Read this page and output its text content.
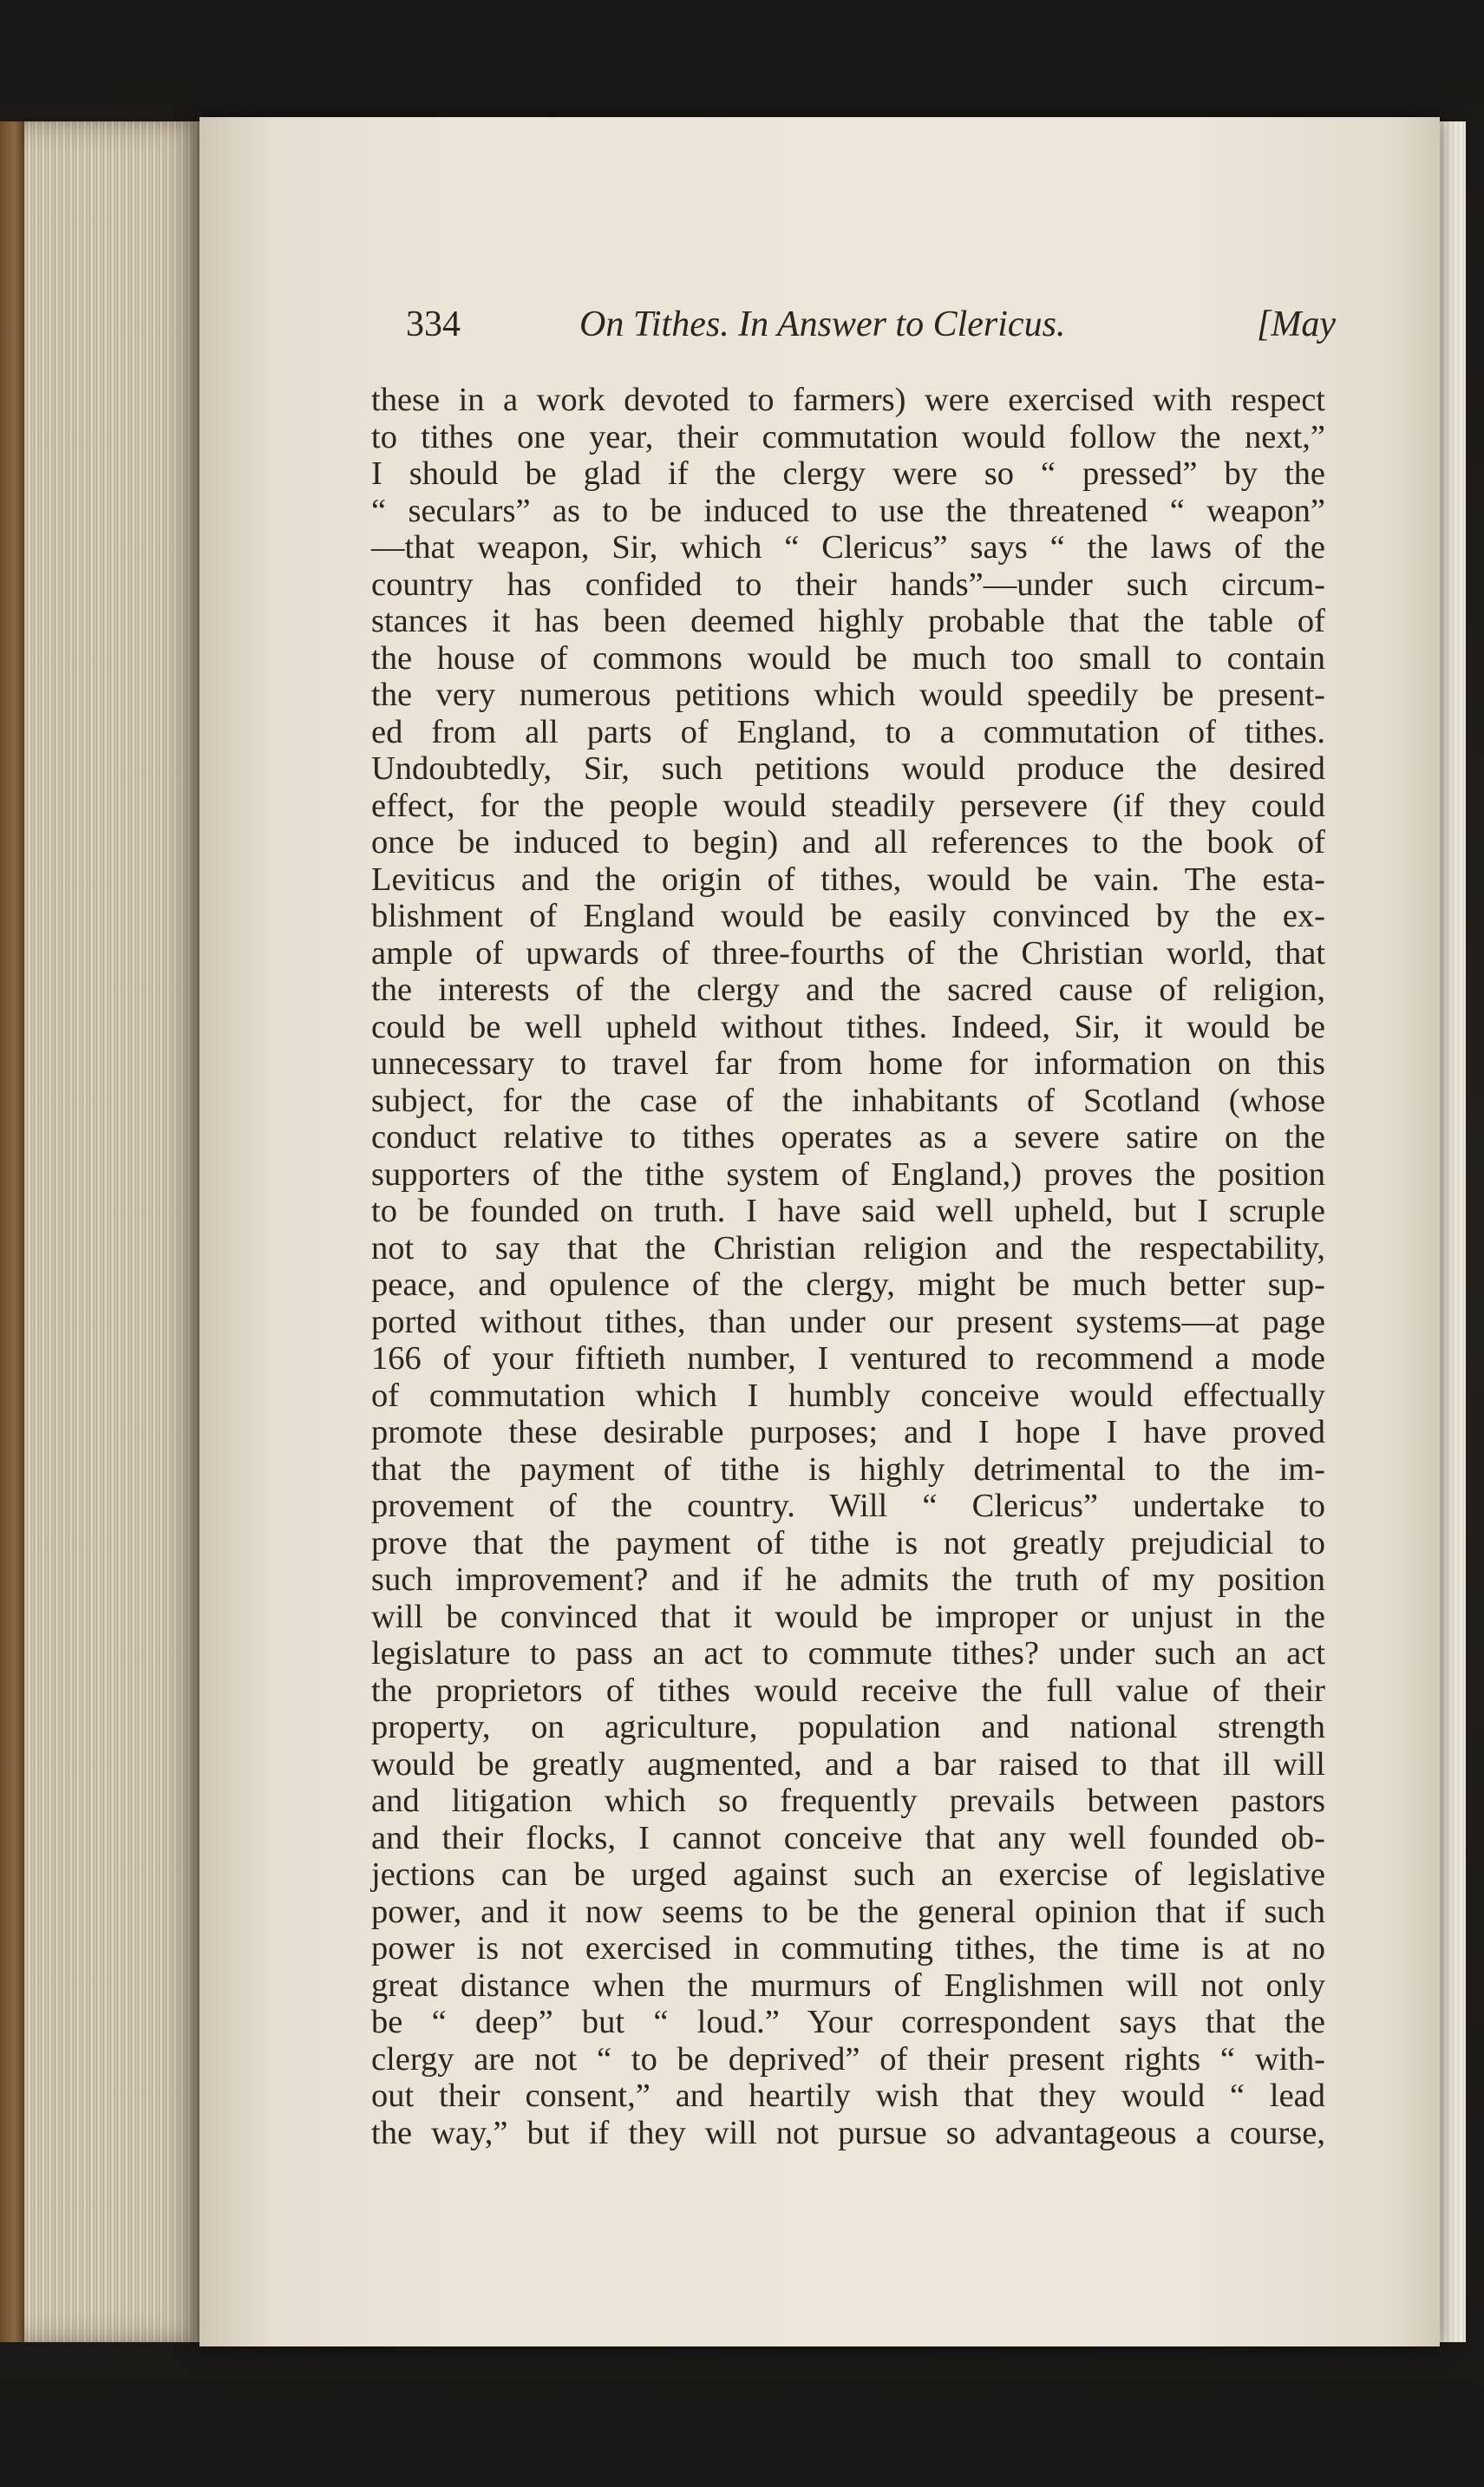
334	On Tithes. In Answer to Clericus.	[May
these in a work devoted to farmers) were exercised with respect
to tithes one year, their commutation would follow the next,”
I should be glad if the clergy were so “ pressed” by the
“ seculars” as to be induced to use the threatened “ weapon”
—that weapon, Sir, which “ Clericus” says “ the laws of the
country has confided to their hands”—under such circum-
stances it has been deemed highly probable that the table of
the house of commons would be much too small to contain
the very numerous petitions which would speedily be present-
ed from all parts of England, to a commutation of tithes.
Undoubtedly, Sir, such petitions would produce the desired
effect, for the people would steadily persevere (if they could
once be induced to begin) and all references to the book of
Leviticus and the origin of tithes, would be vain. The esta-
blishment of England would be easily convinced by the ex-
ample of upwards of three-fourths of the Christian world, that
the interests of the clergy and the sacred cause of religion,
could be well upheld without tithes. Indeed, Sir, it would be
unnecessary to travel far from home for information on this
subject, for the case of the inhabitants of Scotland (whose
conduct relative to tithes operates as a severe satire on the
supporters of the tithe system of England,) proves the position
to be founded on truth. I have said well upheld, but I scruple
not to say that the Christian religion and the respectability,
peace, and opulence of the clergy, might be much better sup-
ported without tithes, than under our present systems—at page
166 of your fiftieth number, I ventured to recommend a mode
of commutation which I humbly conceive would effectually
promote these desirable purposes; and I hope I have proved
that the payment of tithe is highly detrimental to the im-
provement of the country. Will “ Clericus” undertake to
prove that the payment of tithe is not greatly prejudicial to
such improvement? and if he admits the truth of my position
will be convinced that it would be improper or unjust in the
legislature to pass an act to commute tithes? under such an act
the proprietors of tithes would receive the full value of their
property, on agriculture, population and national strength
would be greatly augmented, and a bar raised to that ill will
and litigation which so frequently prevails between pastors
and their flocks, I cannot conceive that any well founded ob-
jections can be urged against such an exercise of legislative
power, and it now seems to be the general opinion that if such
power is not exercised in commuting tithes, the time is at no
great distance when the murmurs of Englishmen will not only
be “ deep” but “ loud.” Your correspondent says that the
clergy are not “ to be deprived” of their present rights “ with-
out their consent,” and heartily wish that they would “ lead
the way,” but if they will not pursue so advantageous a course,
